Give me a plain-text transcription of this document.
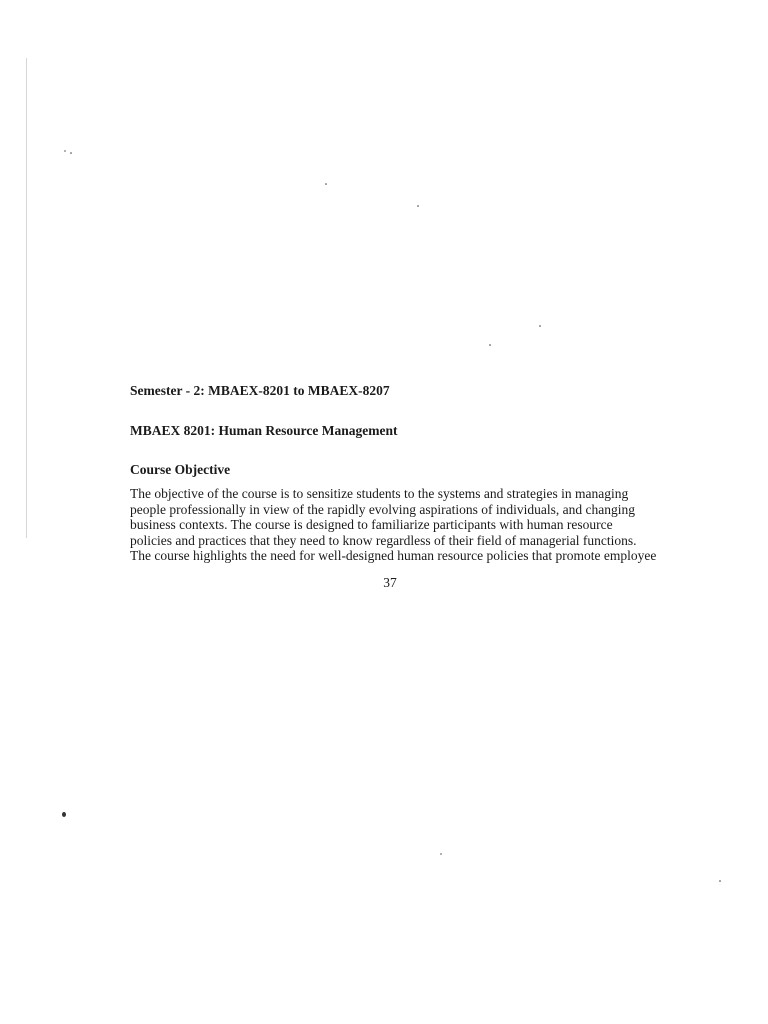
Semester - 2: MBAEX-8201 to MBAEX-8207

MBAEX 8201: Human Resource Management

Course Objective

The objective of the course is to sensitize students to the systems and strategies in managing
people professionally in view of the rapidly evolving aspirations of individuals, and changing
business contexts. The course is designed to familiarize participants with human resource
policies and practices that they need to know regardless of their field of managerial functions.
The course highlights the need for well-designed human resource policies that promote employee
37
